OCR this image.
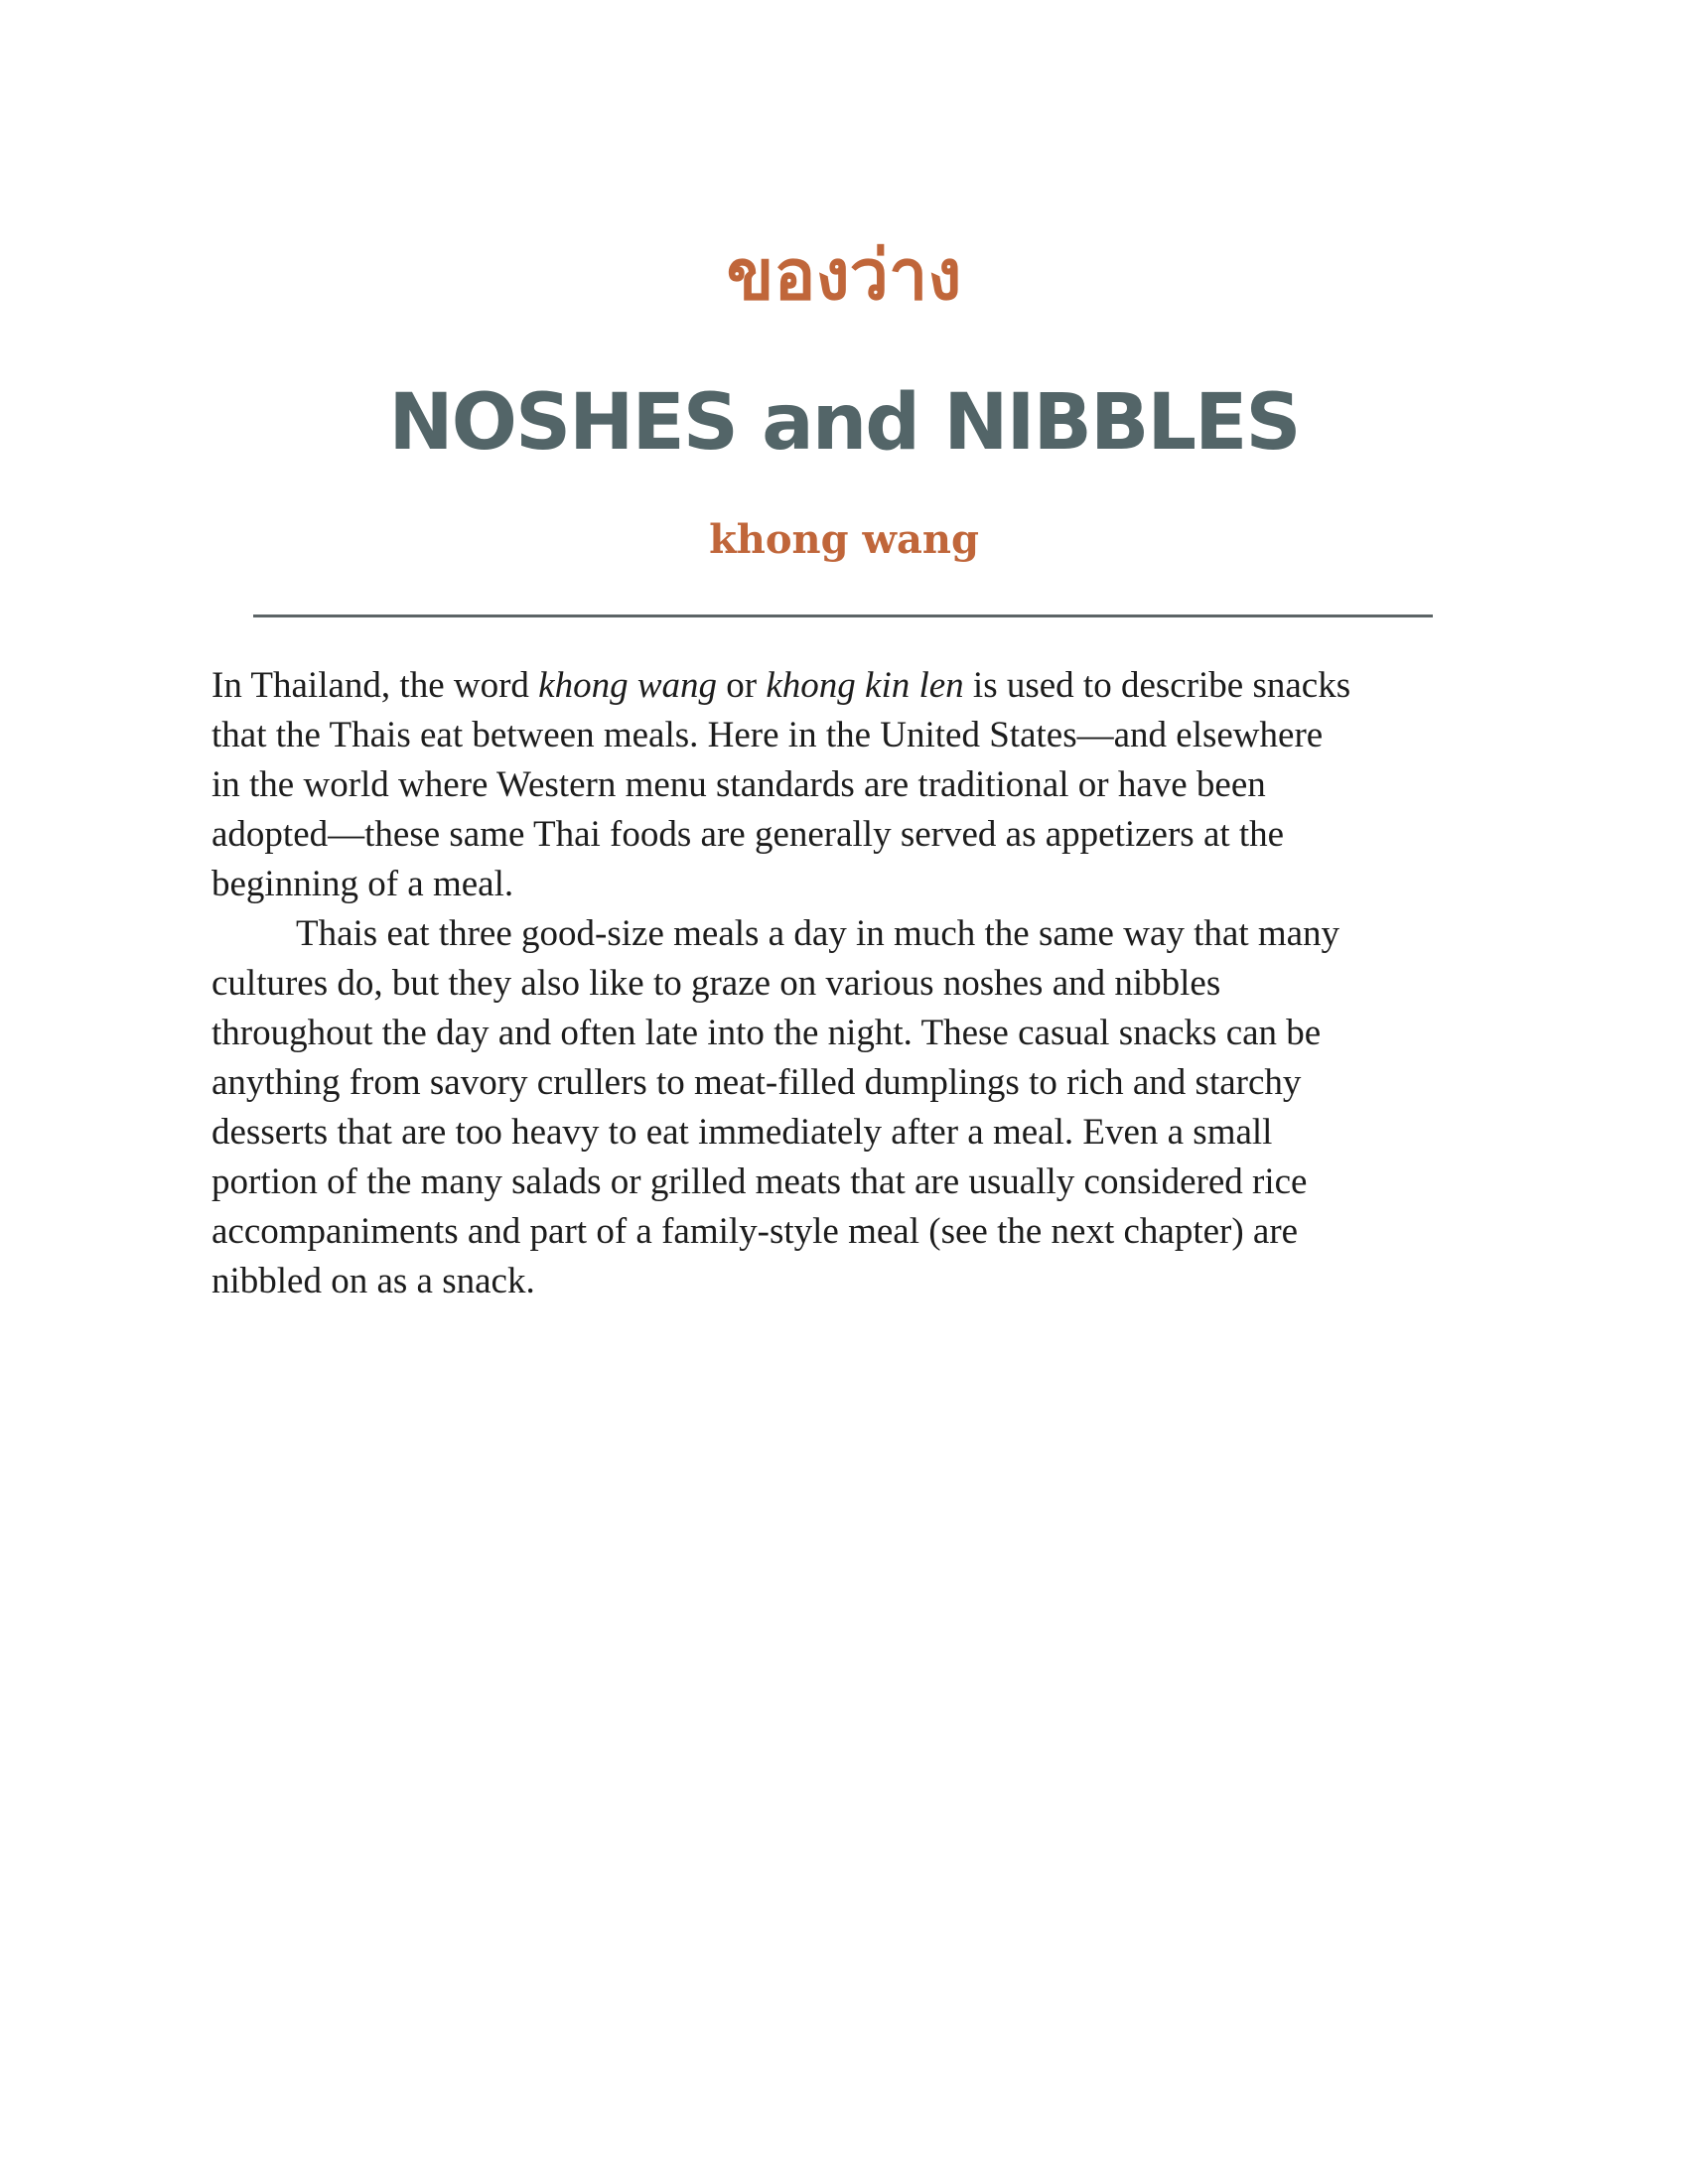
ของว่าง
NOSHES and NIBBLES
khong wang

In Thailand, the word khong wang or khong kin len is used to describe snacks

that the Thais eat between meals. Here in the United States—and elsewhere

in the world where Western menu standards are traditional or have been

adopted—these same Thai foods are generally served as appetizers at the

beginning of a meal.

Thais eat three good-size meals a day in much the same way that many

cultures do, but they also like to graze on various noshes and nibbles

throughout the day and often late into the night. These casual snacks can be

anything from savory crullers to meat-filled dumplings to rich and starchy

desserts that are too heavy to eat immediately after a meal. Even a small

portion of the many salads or grilled meats that are usually considered rice

accompaniments and part of a family-style meal (see the next chapter) are

nibbled on as a snack.
